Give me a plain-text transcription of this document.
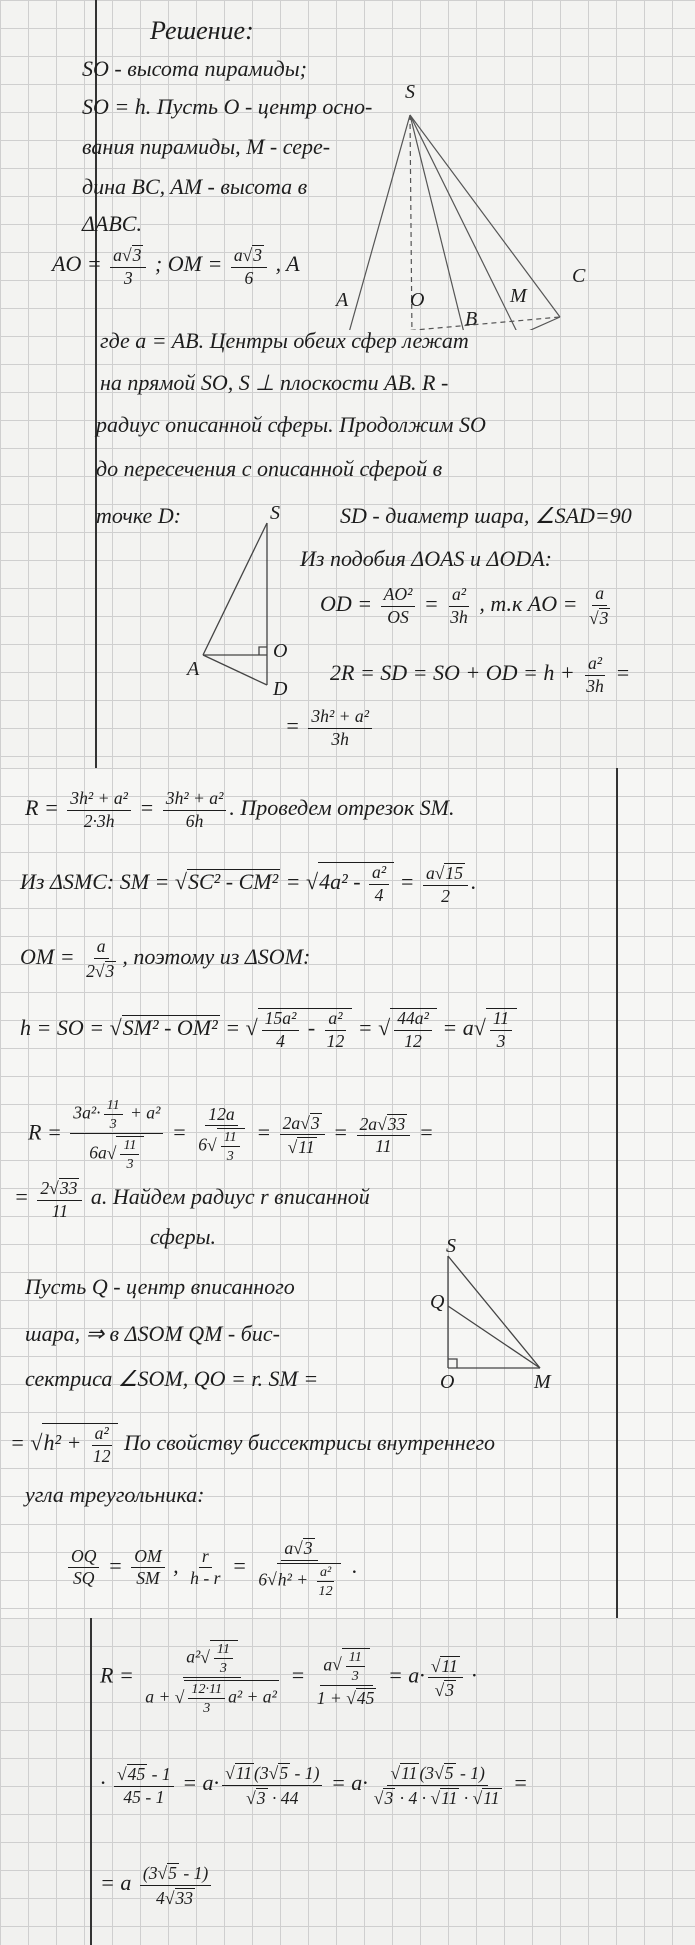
Решение:
SO - высота пирамиды;
SO = h. Пусть O - центр осно-
вания пирамиды, M - сере-
дина BC, AM - высота в
ΔABC.
AO = $\frac{a√3}{3}$ ; OM = $\frac{a√3}{6}$ , A
где a = AB. Центры обеих сфер лежат
на прямой SO, S ⊥ плоскости AB. R -
радиус описанной сферы. Продолжим SO
до пересечения с описанной сферой в
точке D:	SD - диаметр шара, ∠SAD=90
Из подобия ΔOAS и ΔODA:
OD = $\frac{\text{AO²}}{OS} = \frac{\text{a²}}{3h}$ , т.к AO = $\frac{a}{√3}$
2R = SD = SO + OD = $h + \frac{\text{a²}}{3h}$ =
= $\frac{\text{3h² + a²}}{3h}$
S
A	O
B
M
C
S
A
O
D
$R = \frac{\text{3h² + a²}}{2\cdot 3h} = \frac{\text{3h² + a²}}{6h}$ . Проведем отрезок SM.
Из ΔSMC: SM = $√SC^2 - CM^2 = √4a^2 - \frac{\text{a²}}{4} = \frac{a√15}{2}$ .
OM = $\frac{a}{2√3}$ , поэтому из ΔSOM:
h = SO = √SM² - OM² = √ $\frac{\text{15a²}}{4} - \frac{\text{a²}}{12}$ = √ $\frac{\text{44a²}}{12} = a√ \frac{11}{3}$
$R = \frac{3a^2\cdot \frac{11}{3} + a^2}{6a√ \frac{11}{3}} = \frac{12a}{6√ \frac{11}{3}} = \frac{2a√3}{√11} = \frac{2a√33}{11}$ =
= $\frac{2√33}{11} a$. Найдем радиус r вписанной
сферы.
Пусть Q - центр вписанного
шара, ⇒ в ΔSOM QM - бис-
сектриса ∠SOM, QO = r. SM =
= $√h^2 + \frac{\text{a²}}{12}$ По свойству биссектрисы внутреннего
угла треугольника:
$\frac{OQ}{SQ} = \frac{OM}{SM}$ , $\frac{r}{h - r} = \frac{a√3}{6√h^2 + \frac{\text{a²}}{12}}$ .
S
Q
O	M
$R = \frac{a^2√ \frac{11}{3}}{a + √ \frac{12\cdot 11}{3} a^2 + a^2} = \frac{a√ \frac{11}{3}}{1 + √45} = a\cdot \frac{√11}{√3}$ ·
· $\frac{√45 - 1}{45 - 1} = a\cdot \frac{√11 (3√5 - 1)}{√3 \cdot 44} = a\cdot \frac{√11 (3√5 - 1)}{√3 \cdot 4 \cdot √11 \cdot √11}$ =
= a $\frac{(3√5 - 1)}{4√33}$
